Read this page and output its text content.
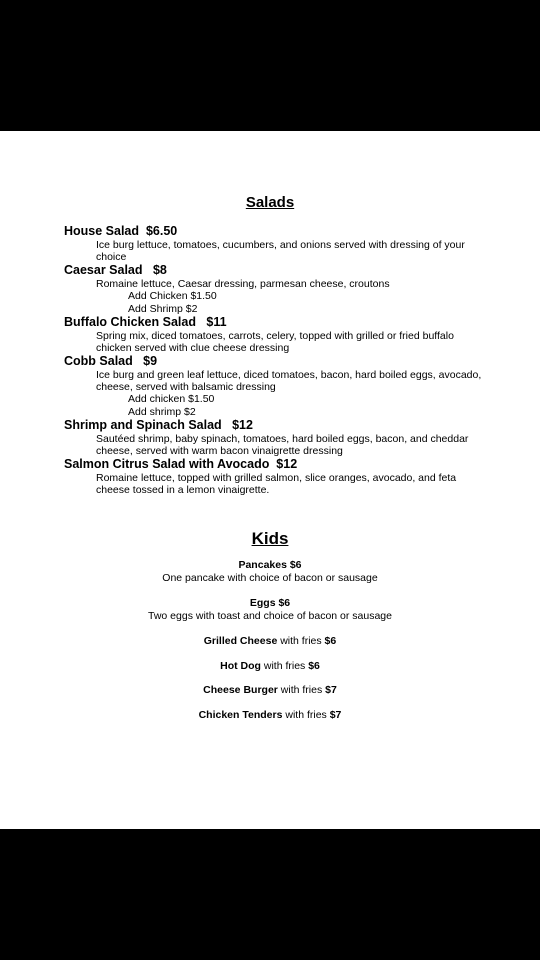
Salads
House Salad  $6.50
Ice burg lettuce, tomatoes, cucumbers, and onions served with dressing of your choice
Caesar Salad   $8
Romaine lettuce, Caesar dressing, parmesan cheese, croutons
Add Chicken $1.50
Add Shrimp $2
Buffalo Chicken Salad   $11
Spring mix, diced tomatoes, carrots, celery, topped with grilled or fried buffalo chicken served with clue cheese dressing
Cobb Salad   $9
Ice burg and green leaf lettuce, diced tomatoes, bacon, hard boiled eggs, avocado, cheese, served with balsamic dressing
Add chicken $1.50
Add shrimp $2
Shrimp and Spinach Salad   $12
Sautéed shrimp, baby spinach, tomatoes, hard boiled eggs, bacon, and cheddar cheese, served with warm bacon vinaigrette dressing
Salmon Citrus Salad with Avocado  $12
Romaine lettuce, topped with grilled salmon, slice oranges, avocado, and feta cheese tossed in a lemon vinaigrette.
Kids
Pancakes $6
One pancake with choice of bacon or sausage
Eggs $6
Two eggs with toast and choice of bacon or sausage
Grilled Cheese with fries $6
Hot Dog with fries $6
Cheese Burger with fries $7
Chicken Tenders with fries $7
